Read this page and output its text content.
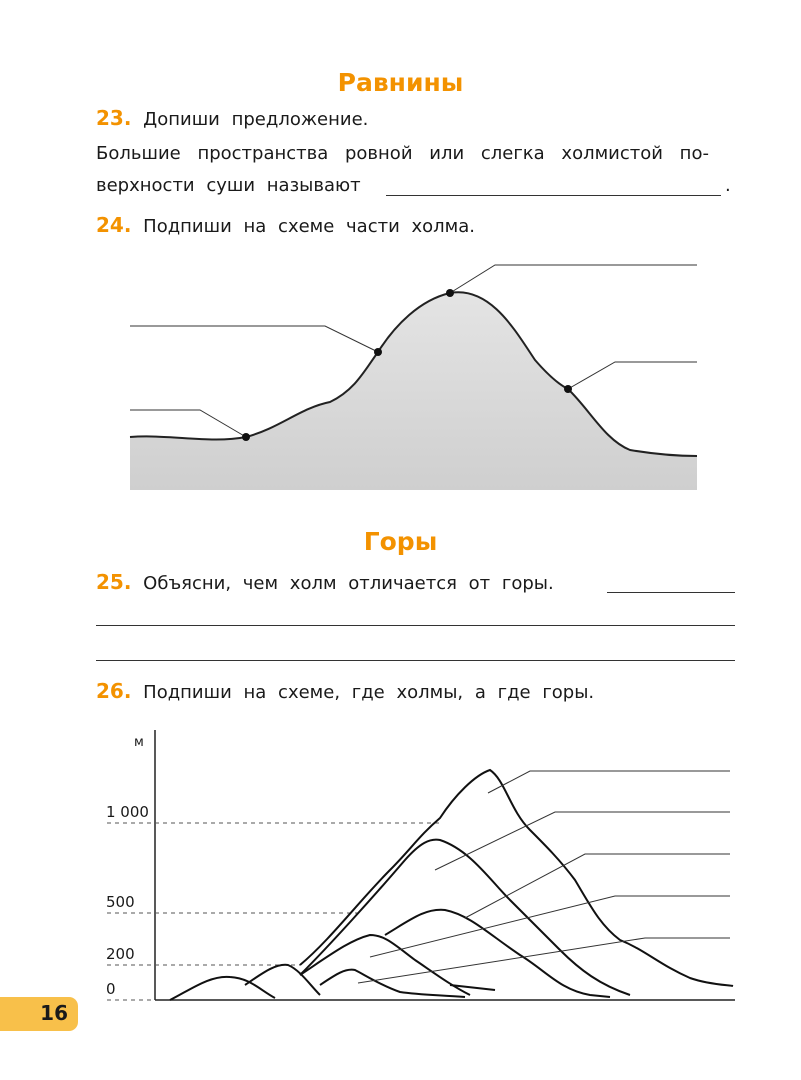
Равнины
23. Допиши предложение.
Большие пространства ровной или слегка холмистой по-
верхности суши называют	.
24. Подпиши на схеме части холма.
Горы
25. Объясни, чем холм отличается от горы.
26. Подпиши на схеме, где холмы, а где горы.
м
1 000
500
200
0
16
